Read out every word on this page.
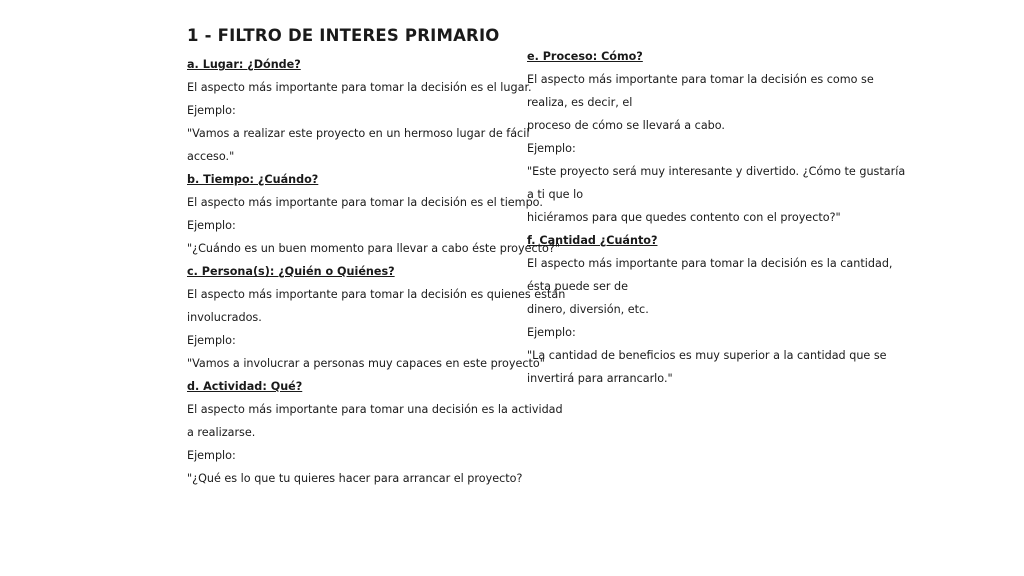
1 - FILTRO DE INTERES PRIMARIO
a. Lugar: ¿Dónde?
El aspecto más importante para tomar la decisión es el lugar.
Ejemplo:
"Vamos a realizar este proyecto en un hermoso lugar de fácil
acceso."
b. Tiempo: ¿Cuándo?
El aspecto más importante para tomar la decisión es el tiempo.
Ejemplo:
"¿Cuándo es un buen momento para llevar a cabo éste proyecto?"
c. Persona(s): ¿Quién o Quiénes?
El aspecto más importante para tomar la decisión es quienes están
involucrados.
Ejemplo:
"Vamos a involucrar a personas muy capaces en este proyecto"
d. Actividad: Qué?
El aspecto más importante para tomar una decisión es la actividad
a realizarse.
Ejemplo:
"¿Qué es lo que tu quieres hacer para arrancar el proyecto?
e. Proceso: Cómo?
El aspecto más importante para tomar la decisión es como se
realiza, es decir, el
proceso de cómo se llevará a cabo.
Ejemplo:
"Este proyecto será muy interesante y divertido. ¿Cómo te gustaría
a ti que lo
hiciéramos para que quedes contento con el proyecto?"
f. Cantidad ¿Cuánto?
El aspecto más importante para tomar la decisión es la cantidad,
ésta puede ser de
dinero, diversión, etc.
Ejemplo:
"La cantidad de beneficios es muy superior a la cantidad que se
invertirá para arrancarlo."
